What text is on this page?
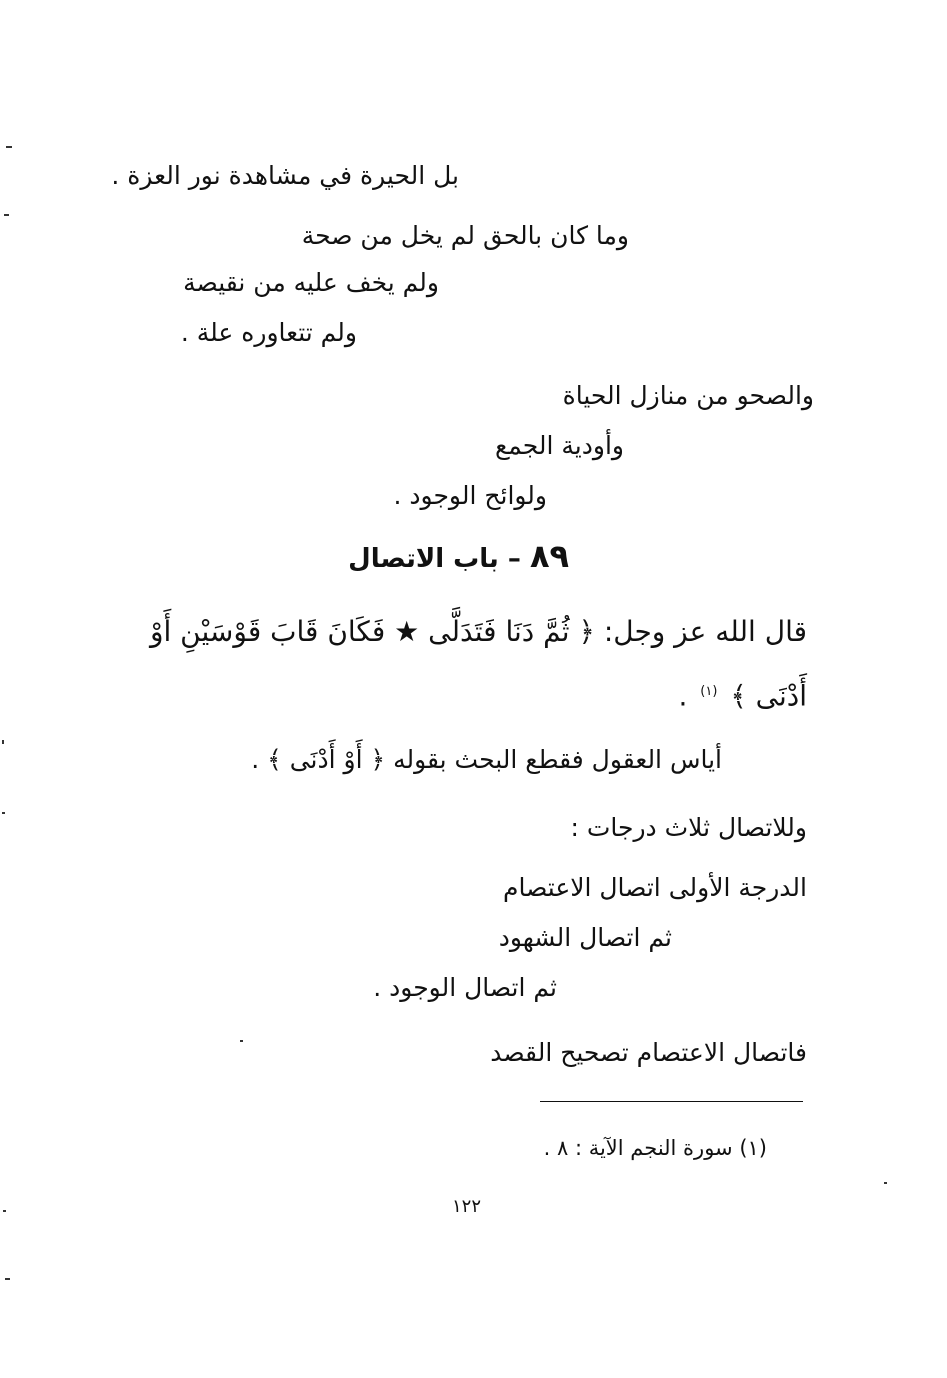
بل الحيرة في مشاهدة نور العزة .
وما كان بالحق لم يخل من صحة
ولم يخف عليه من نقيصة
ولم تتعاوره علة .
والصحو من منازل الحياة
وأودية الجمع
ولوائح الوجود .
٨٩ – باب الاتصال
قال الله عز وجل: ﴿ ثُمَّ دَنَا فَتَدَلَّى ★ فَكَانَ قَابَ قَوْسَيْنِ أَوْ
أَدْنَى ﴾ $^{(١)}$ .
أياس العقول فقطع البحث بقوله ﴿ أَوْ أَدْنَى ﴾ .
وللاتصال ثلاث درجات :
الدرجة الأولى اتصال الاعتصام
ثم اتصال الشهود
ثم اتصال الوجود .
فاتصال الاعتصام تصحيح القصد
(١) سورة النجم الآية : ٨ .
١٢٢
